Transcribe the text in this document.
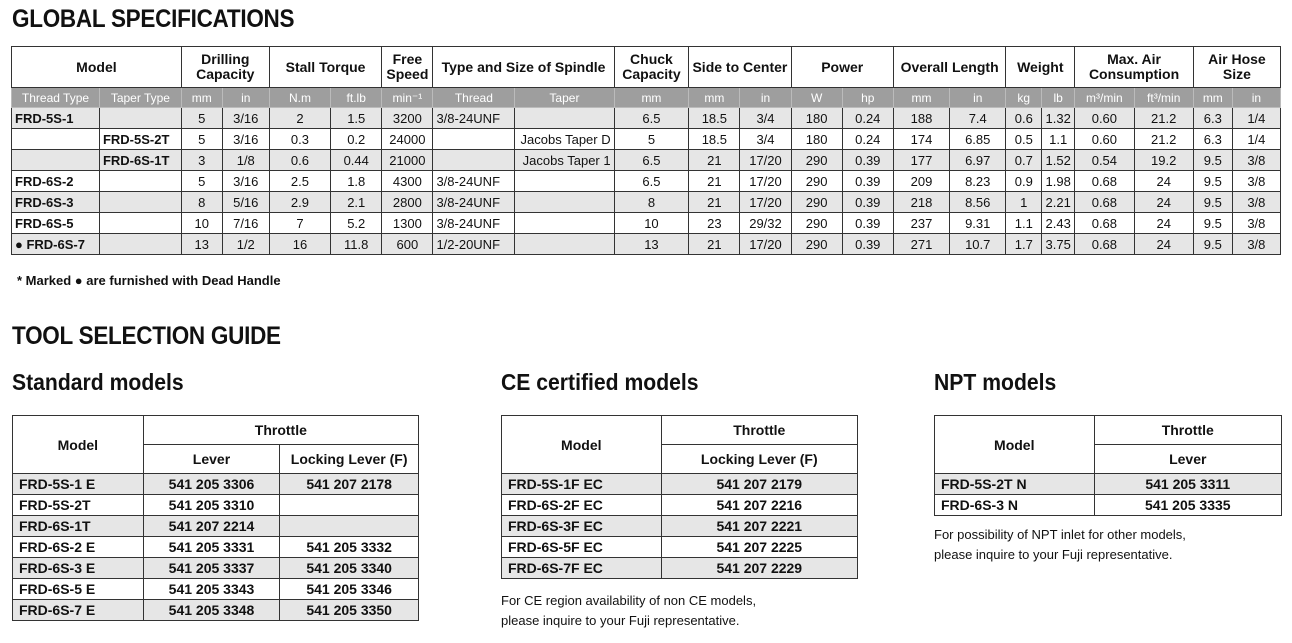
GLOBAL SPECIFICATIONS
Model		Drilling Capacity		Stall Torque		Free Speed	Type and Size of Spindle		Chuck Capacity	Side to Center		Power		Overall Length		Weight		Max. Air Consumption		Air Hose Size	
Thread Type	Taper Type	mm	in	N.m	ft.lb	min⁻¹	Thread	Taper	mm	mm	in	W	hp	mm	in	kg	lb	m³/min	ft³/min	mm	in
FRD-5S-1		5	3/16	2	1.5	3200	3/8-24UNF		6.5	18.5	3/4	180	0.24	188	7.4	0.6	1.32	0.60	21.2	6.3	1/4
	FRD-5S-2T	5	3/16	0.3	0.2	24000		Jacobs Taper D	5	18.5	3/4	180	0.24	174	6.85	0.5	1.1	0.60	21.2	6.3	1/4
	FRD-6S-1T	3	1/8	0.6	0.44	21000		Jacobs Taper 1	6.5	21	17/20	290	0.39	177	6.97	0.7	1.52	0.54	19.2	9.5	3/8
FRD-6S-2		5	3/16	2.5	1.8	4300	3/8-24UNF		6.5	21	17/20	290	0.39	209	8.23	0.9	1.98	0.68	24	9.5	3/8
FRD-6S-3		8	5/16	2.9	2.1	2800	3/8-24UNF		8	21	17/20	290	0.39	218	8.56	1	2.21	0.68	24	9.5	3/8
FRD-6S-5		10	7/16	7	5.2	1300	3/8-24UNF		10	23	29/32	290	0.39	237	9.31	1.1	2.43	0.68	24	9.5	3/8
● FRD-6S-7		13	1/2	16	11.8	600	1/2-20UNF		13	21	17/20	290	0.39	271	10.7	1.7	3.75	0.68	24	9.5	3/8
* Marked ● are furnished with Dead Handle
TOOL SELECTION GUIDE
Standard models	CE certified models	NPT models
Model	Throttle	
	Lever	Locking Lever (F)
FRD-5S-1 E	541 205 3306	541 207 2178
FRD-5S-2T	541 205 3310	
FRD-6S-1T	541 207 2214	
FRD-6S-2 E	541 205 3331	541 205 3332
FRD-6S-3 E	541 205 3337	541 205 3340
FRD-6S-5 E	541 205 3343	541 205 3346
FRD-6S-7 E	541 205 3348	541 205 3350
Model	Throttle
	Locking Lever (F)
FRD-5S-1F EC	541 207 2179
FRD-6S-2F EC	541 207 2216
FRD-6S-3F EC	541 207 2221
FRD-6S-5F EC	541 207 2225
FRD-6S-7F EC	541 207 2229
For CE region availability of non CE models,
please inquire to your Fuji representative.
Model	Throttle
	Lever
FRD-5S-2T N	541 205 3311
FRD-6S-3 N	541 205 3335
For possibility of NPT inlet for other models,
please inquire to your Fuji representative.
